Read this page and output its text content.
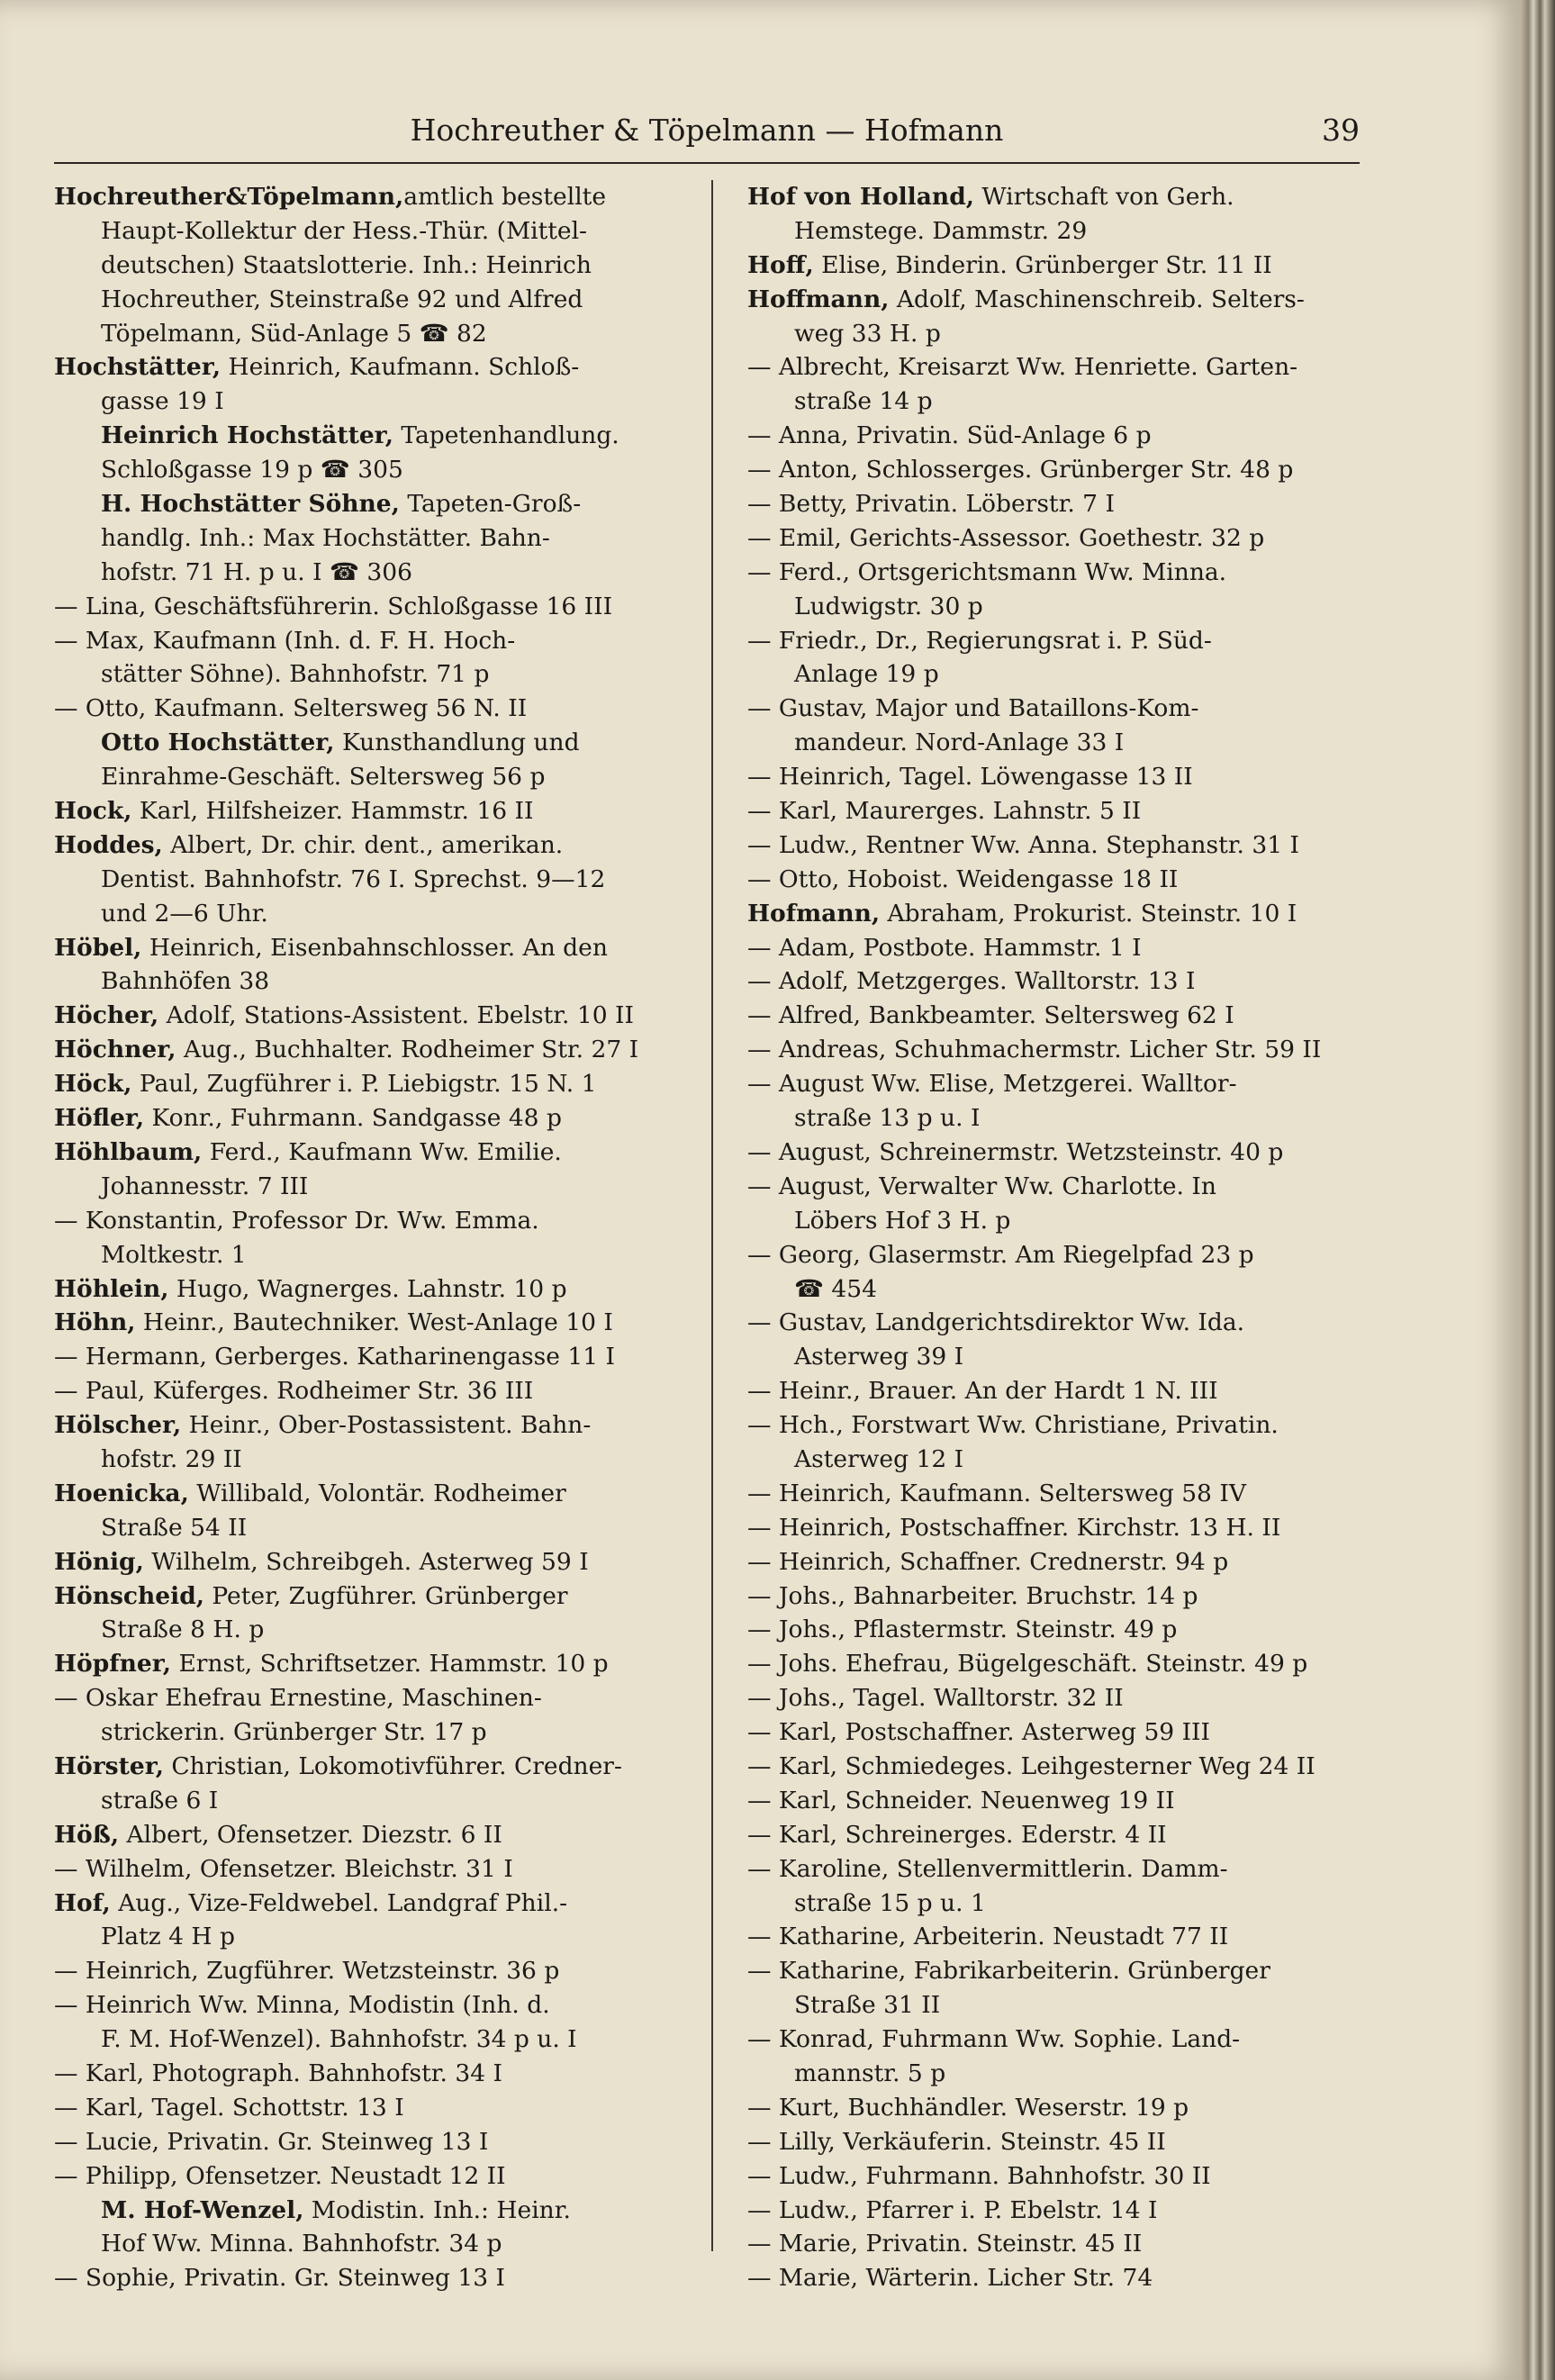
Hochreuther & Töpelmann — Hofmann	39
Hochreuther&Töpelmann,amtlich bestellte
Haupt-Kollektur der Hess.-Thür. (Mittel-
deutschen) Staatslotterie. Inh.: Heinrich
Hochreuther, Steinstraße 92 und Alfred
Töpelmann, Süd-Anlage 5 ☎ 82
Hochstätter, Heinrich, Kaufmann. Schloß-
gasse 19 I
Heinrich Hochstätter, Tapetenhandlung.
Schloßgasse 19 p ☎ 305
H. Hochstätter Söhne, Tapeten-Groß-
handlg. Inh.: Max Hochstätter. Bahn-
hofstr. 71 H. p u. I ☎ 306
— Lina, Geschäftsführerin. Schloßgasse 16 III
— Max, Kaufmann (Inh. d. F. H. Hoch-
stätter Söhne). Bahnhofstr. 71 p
— Otto, Kaufmann. Selterswеg 56 N. II
Otto Hochstätter, Kunsthandlung und
Einrahme-Geschäft. Seltersweg 56 p
Hock, Karl, Hilfsheizer. Hammstr. 16 II
Hoddes, Albert, Dr. chir. dent., amerikan.
Dentist. Bahnhofstr. 76 I. Sprechst. 9—12
und 2—6 Uhr.
Höbel, Heinrich, Eisenbahnschlosser. An den
Bahnhöfen 38
Höcher, Adolf, Stations-Assistent. Ebelstr. 10 II
Höchner, Aug., Buchhalter. Rodheimer Str. 27 I
Höck, Paul, Zugführer i. P. Liebigstr. 15 N. 1
Höfler, Konr., Fuhrmann. Sandgasse 48 p
Höhlbaum, Ferd., Kaufmann Ww. Emilie.
Johannesstr. 7 III
— Konstantin, Professor Dr. Ww. Emma.
Moltkestr. 1
Höhlein, Hugo, Wagnerges. Lahnstr. 10 p
Höhn, Heinr., Bautechniker. West-Anlage 10 I
— Hermann, Gerberges. Katharinengasse 11 I
— Paul, Küferges. Rodheimer Str. 36 III
Hölscher, Heinr., Ober-Postassistent. Bahn-
hofstr. 29 II
Hoenicka, Willibald, Volontär. Rodheimer
Straße 54 II
Hönig, Wilhelm, Schreibgeh. Asterweg 59 I
Hönscheid, Peter, Zugführer. Grünberger
Straße 8 H. p
Höpfner, Ernst, Schriftsetzer. Hammstr. 10 p
— Oskar Ehefrau Ernestine, Maschinen-
strickerin. Grünberger Str. 17 p
Hörster, Christian, Lokomotivführer. Credner-
straße 6 I
Höß, Albert, Ofensetzer. Diezstr. 6 II
— Wilhelm, Ofensetzer. Bleichstr. 31 I
Hof, Aug., Vize-Feldwebel. Landgraf Phil.-
Platz 4 H p
— Heinrich, Zugführer. Wetzsteinstr. 36 p
— Heinrich Ww. Minna, Modistin (Inh. d.
F. M. Hof-Wenzel). Bahnhofstr. 34 p u. I
— Karl, Photograph. Bahnhofstr. 34 I
— Karl, Tagel. Schottstr. 13 I
— Lucie, Privatin. Gr. Steinweg 13 I
— Philipp, Ofensetzer. Neustadt 12 II
M. Hof-Wenzel, Modistin. Inh.: Heinr.
Hof Ww. Minna. Bahnhofstr. 34 p
— Sophie, Privatin. Gr. Steinweg 13 I
Hof von Holland, Wirtschaft von Gerh.
Hemstege. Dammstr. 29
Hoff, Elise, Binderin. Grünberger Str. 11 II
Hoffmann, Adolf, Maschinenschreib. Selters-
weg 33 H. p
— Albrecht, Kreisarzt Ww. Henriette. Garten-
straße 14 p
— Anna, Privatin. Süd-Anlage 6 p
— Anton, Schlosserges. Grünberger Str. 48 p
— Betty, Privatin. Löberstr. 7 I
— Emil, Gerichts-Assessor. Goethestr. 32 p
— Ferd., Ortsgerichtsmann Ww. Minna.
Ludwigstr. 30 p
— Friedr., Dr., Regierungsrat i. P. Süd-
Anlage 19 p
— Gustav, Major und Bataillons-Kom-
mandeur. Nord-Anlage 33 I
— Heinrich, Tagel. Löwengasse 13 II
— Karl, Maurerges. Lahnstr. 5 II
— Ludw., Rentner Ww. Anna. Stephanstr. 31 I
— Otto, Hoboist. Weidengasse 18 II
Hofmann, Abraham, Prokurist. Steinstr. 10 I
— Adam, Postbote. Hammstr. 1 I
— Adolf, Metzgerges. Walltorstr. 13 I
— Alfred, Bankbeamter. Seltersweg 62 I
— Andreas, Schuhmachermstr. Licher Str. 59 II
— August Ww. Elise, Metzgerei. Walltor-
straße 13 p u. I
— August, Schreinermstr. Wetzsteinstr. 40 p
— August, Verwalter Ww. Charlotte. In
Löbers Hof 3 H. p
— Georg, Glasermstr. Am Riegelpfad 23 p
☎ 454
— Gustav, Landgerichtsdirektor Ww. Ida.
Asterweg 39 I
— Heinr., Brauer. An der Hardt 1 N. III
— Hch., Forstwart Ww. Christiane, Privatin.
Asterweg 12 I
— Heinrich, Kaufmann. Seltersweg 58 IV
— Heinrich, Postschaffner. Kirchstr. 13 H. II
— Heinrich, Schaffner. Crednerstr. 94 p
— Johs., Bahnarbeiter. Bruchstr. 14 p
— Johs., Pflastermstr. Steinstr. 49 p
— Johs. Ehefrau, Bügelgeschäft. Steinstr. 49 p
— Johs., Tagel. Walltorstr. 32 II
— Karl, Postschaffner. Asterweg 59 III
— Karl, Schmiedeges. Leihgesterner Weg 24 II
— Karl, Schneider. Neuenweg 19 II
— Karl, Schreinerges. Ederstr. 4 II
— Karoline, Stellenvermittlerin. Damm-
straße 15 p u. 1
— Katharine, Arbeiterin. Neustadt 77 II
— Katharine, Fabrikarbeiterin. Grünberger
Straße 31 II
— Konrad, Fuhrmann Ww. Sophie. Land-
mannstr. 5 p
— Kurt, Buchhändler. Weserstr. 19 p
— Lilly, Verkäuferin. Steinstr. 45 II
— Ludw., Fuhrmann. Bahnhofstr. 30 II
— Ludw., Pfarrer i. P. Ebelstr. 14 I
— Marie, Privatin. Steinstr. 45 II
— Marie, Wärterin. Licher Str. 74
